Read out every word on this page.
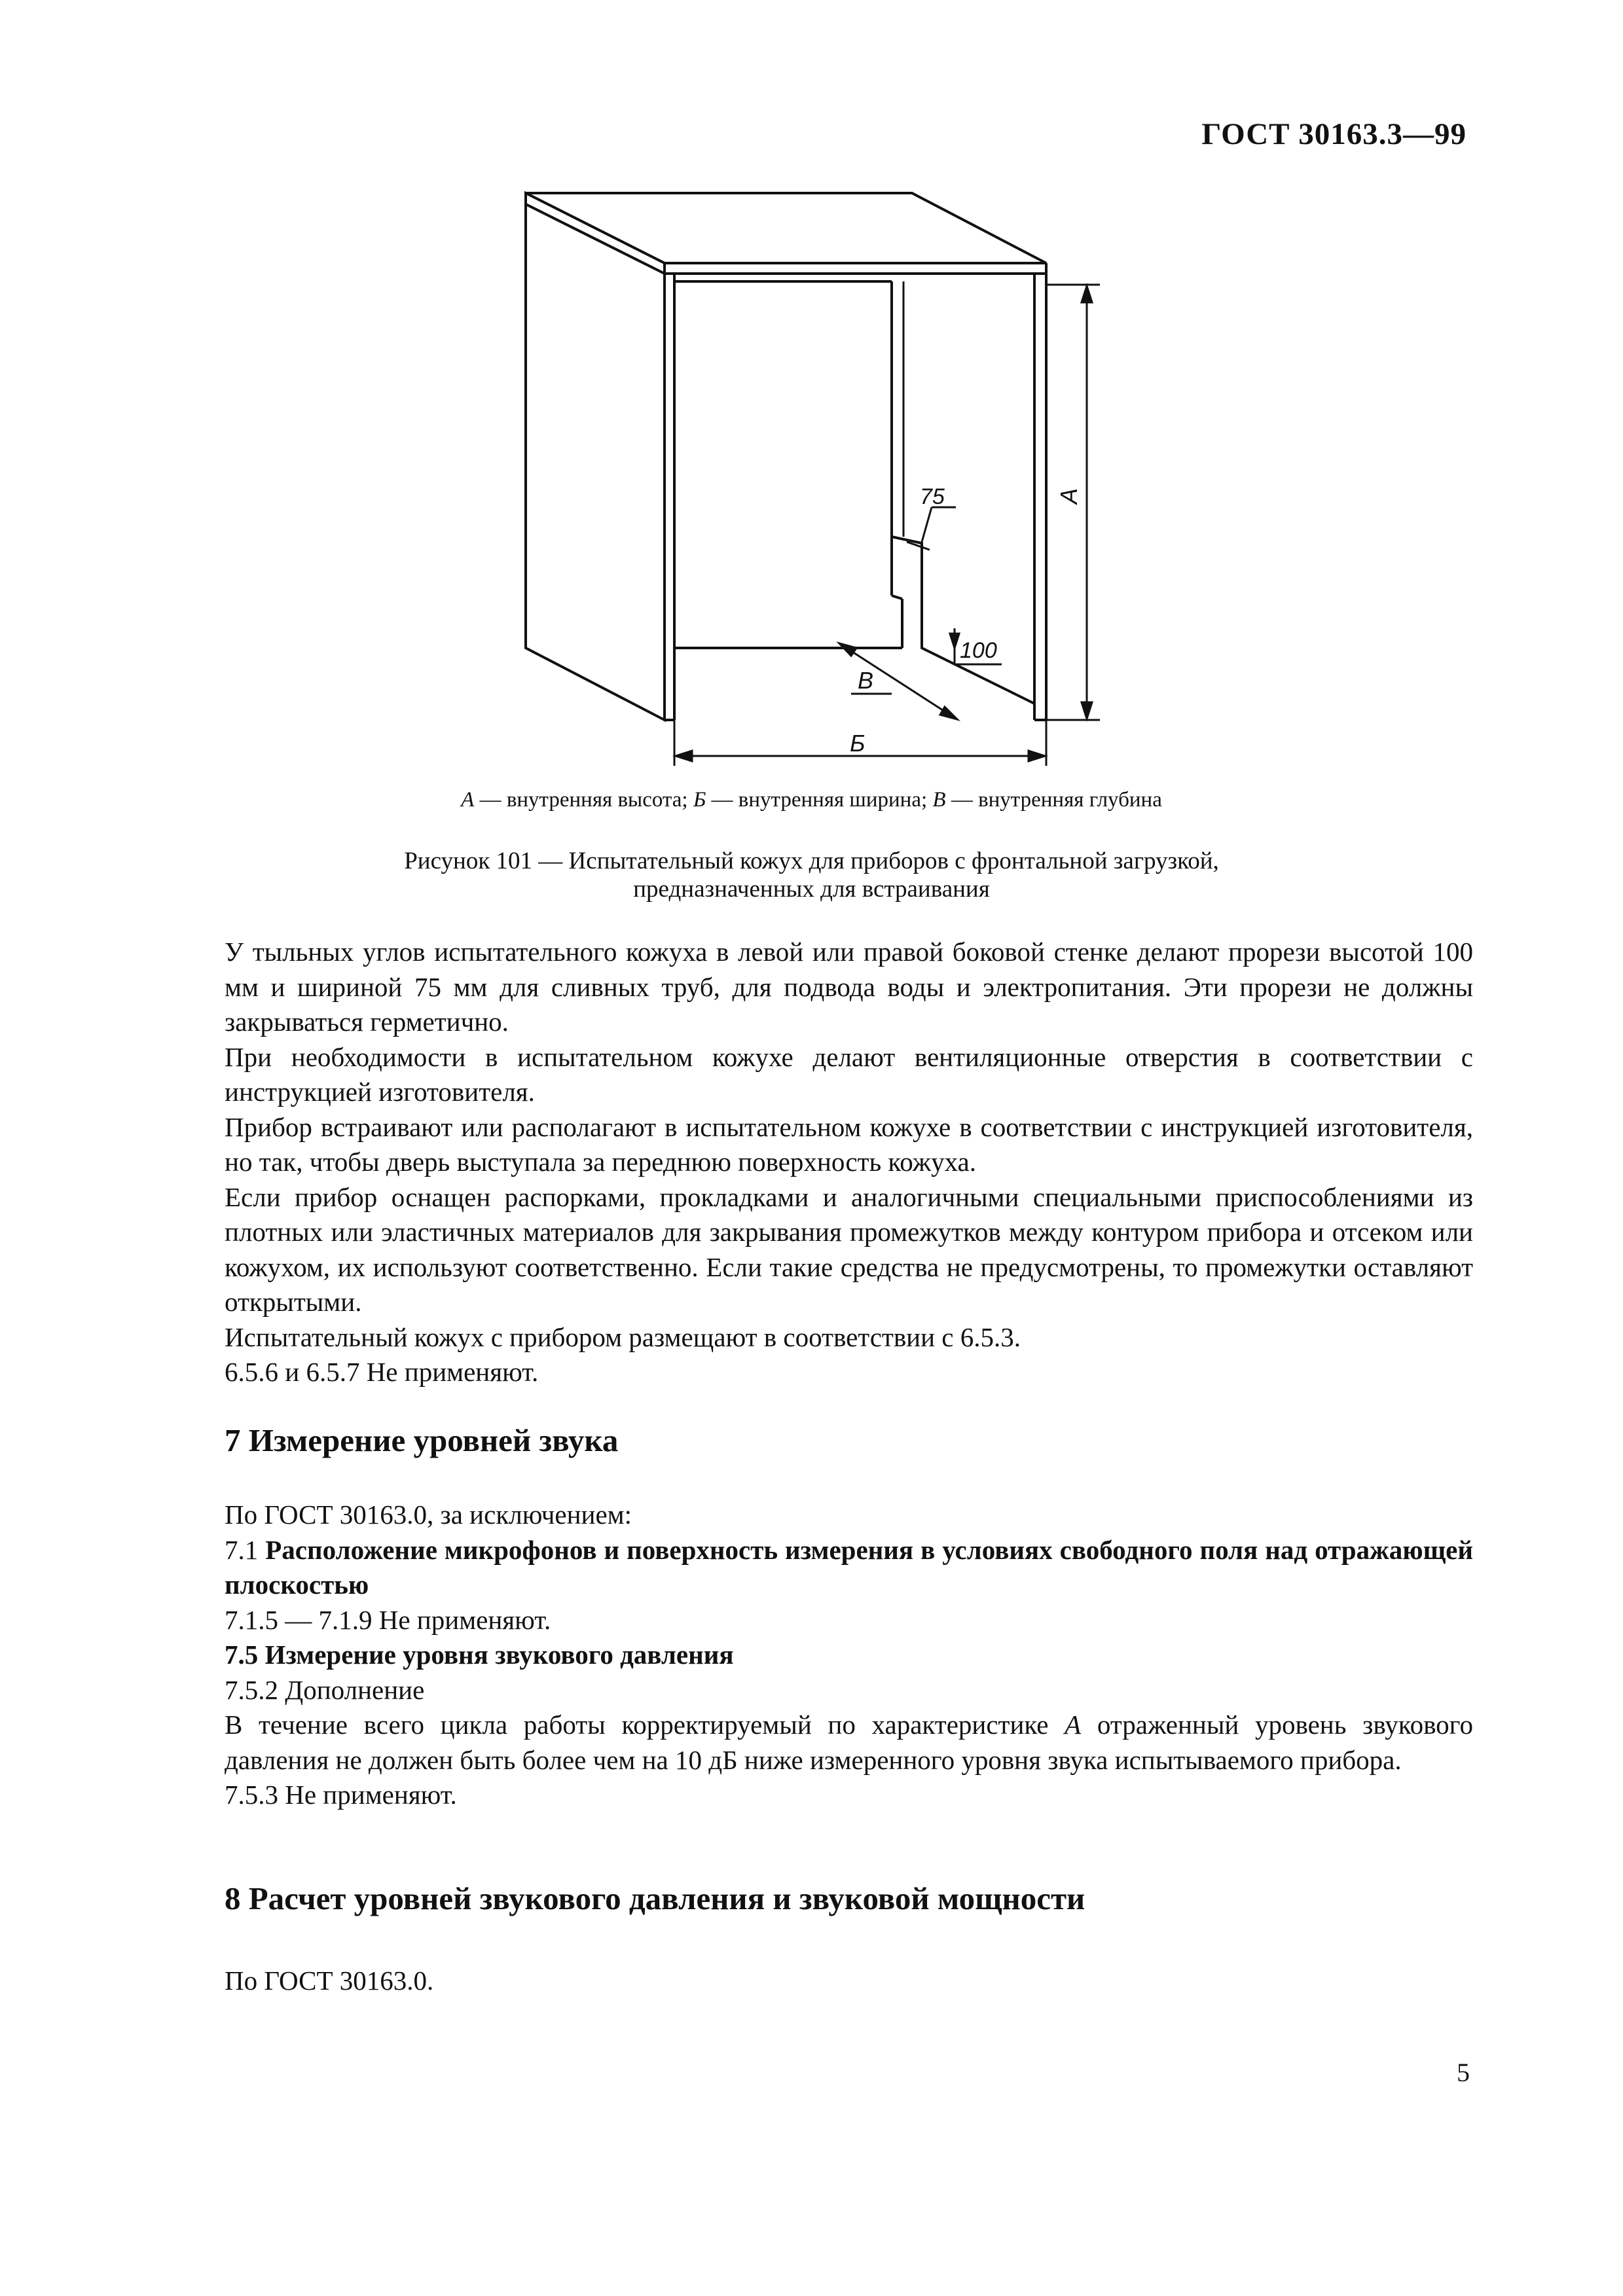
ГОСТ 30163.3—99
75
100
А
Б
В
А — внутренняя высота; Б — внутренняя ширина; В — внутренняя глубина
Рисунок 101 — Испытательный кожух для приборов с фронтальной загрузкой,
предназначенных для встраивания

У тыльных углов испытательного кожуха в левой или правой боковой стенке делают прорези высотой 100 мм и шириной 75 мм для сливных труб, для подвода воды и электропитания. Эти прорези не должны закрываться герметично.

При необходимости в испытательном кожухе делают вентиляционные отверстия в соответствии с инструкцией изготовителя.

Прибор встраивают или располагают в испытательном кожухе в соответствии с инструкцией изготовителя, но так, чтобы дверь выступала за переднюю поверхность кожуха.

Если прибор оснащен распорками, прокладками и аналогичными специальными приспособлениями из плотных или эластичных материалов для закрывания промежутков между контуром прибора и отсеком или кожухом, их используют соответственно. Если такие средства не предусмотрены, то промежутки оставляют открытыми.

Испытательный кожух с прибором размещают в соответствии с 6.5.3.

6.5.6 и 6.5.7 Не применяют.

7 Измерение уровней звука

По ГОСТ 30163.0, за исключением:

7.1 Расположение микрофонов и поверхность измерения в условиях свободного поля над отражающей плоскостью

7.1.5 — 7.1.9 Не применяют.

7.5 Измерение уровня звукового давления

7.5.2 Дополнение

В течение всего цикла работы корректируемый по характеристике А отраженный уровень звукового давления не должен быть более чем на 10 дБ ниже измеренного уровня звука испытываемого прибора.

7.5.3 Не применяют.

8 Расчет уровней звукового давления и звуковой мощности

По ГОСТ 30163.0.

5
